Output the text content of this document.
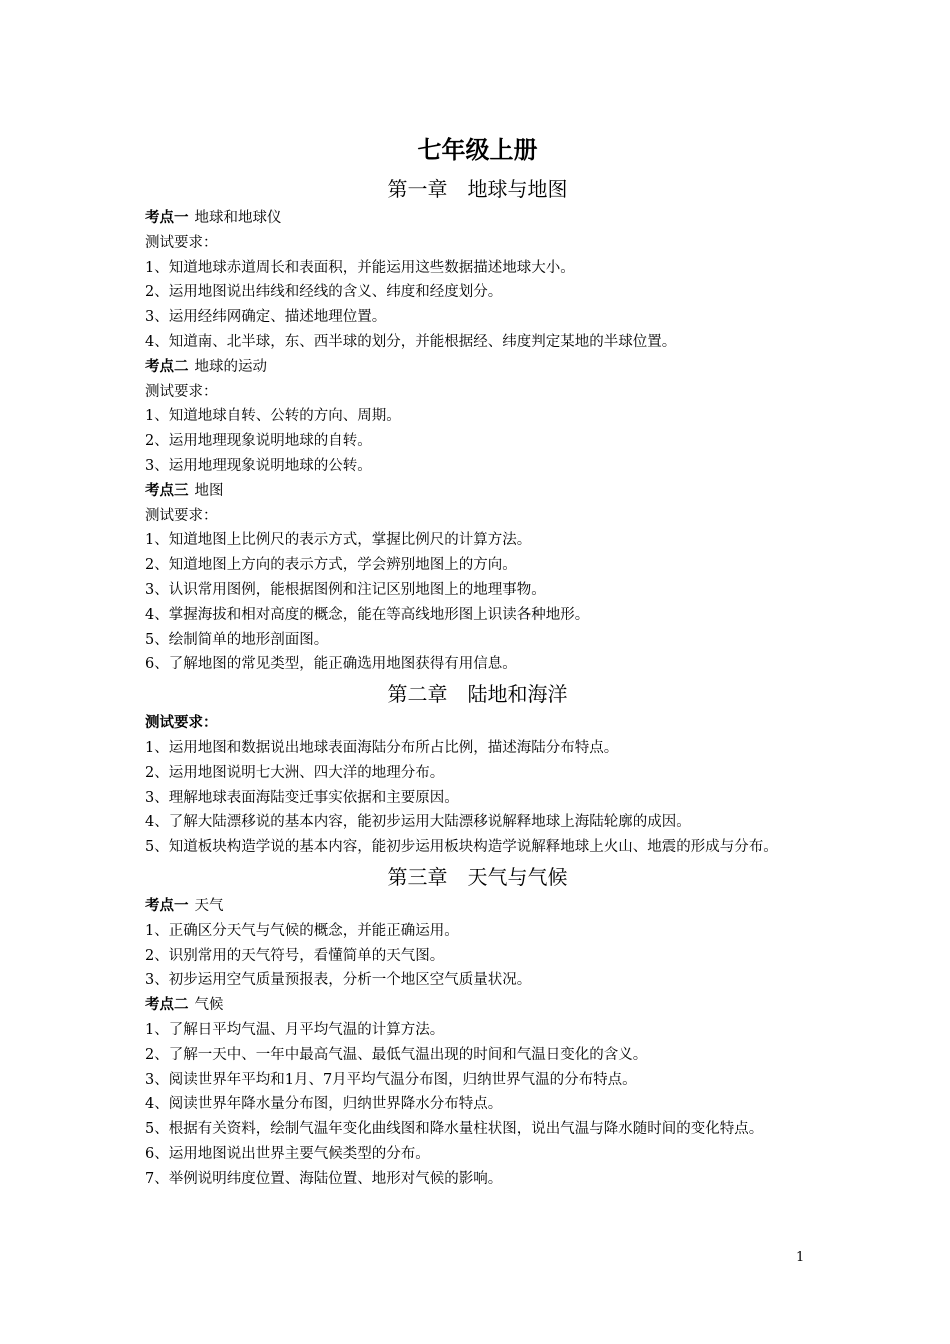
七年级上册
第一章　地球与地图

考点一 地球和地球仪

测试要求：

1、知道地球赤道周长和表面积，并能运用这些数据描述地球大小。

2、运用地图说出纬线和经线的含义、纬度和经度划分。

3、运用经纬网确定、描述地理位置。

4、知道南、北半球，东、西半球的划分，并能根据经、纬度判定某地的半球位置。

考点二 地球的运动

测试要求：

1、知道地球自转、公转的方向、周期。

2、运用地理现象说明地球的自转。

3、运用地理现象说明地球的公转。

考点三 地图

测试要求：

1、知道地图上比例尺的表示方式，掌握比例尺的计算方法。

2、知道地图上方向的表示方式，学会辨别地图上的方向。

3、认识常用图例，能根据图例和注记区别地图上的地理事物。

4、掌握海拔和相对高度的概念，能在等高线地形图上识读各种地形。

5、绘制简单的地形剖面图。

6、了解地图的常见类型，能正确选用地图获得有用信息。

第二章　陆地和海洋

测试要求：

1、运用地图和数据说出地球表面海陆分布所占比例，描述海陆分布特点。

2、运用地图说明七大洲、四大洋的地理分布。

3、理解地球表面海陆变迁事实依据和主要原因。

4、了解大陆漂移说的基本内容，能初步运用大陆漂移说解释地球上海陆轮廓的成因。

5、知道板块构造学说的基本内容，能初步运用板块构造学说解释地球上火山、地震的形成与分布。

第三章　天气与气候

考点一 天气

1、正确区分天气与气候的概念，并能正确运用。

2、识别常用的天气符号，看懂简单的天气图。

3、初步运用空气质量预报表，分析一个地区空气质量状况。

考点二 气候

1、了解日平均气温、月平均气温的计算方法。

2、了解一天中、一年中最高气温、最低气温出现的时间和气温日变化的含义。

3、阅读世界年平均和1月、7月平均气温分布图，归纳世界气温的分布特点。

4、阅读世界年降水量分布图，归纳世界降水分布特点。

5、根据有关资料，绘制气温年变化曲线图和降水量柱状图，说出气温与降水随时间的变化特点。

6、运用地图说出世界主要气候类型的分布。

7、举例说明纬度位置、海陆位置、地形对气候的影响。

1
